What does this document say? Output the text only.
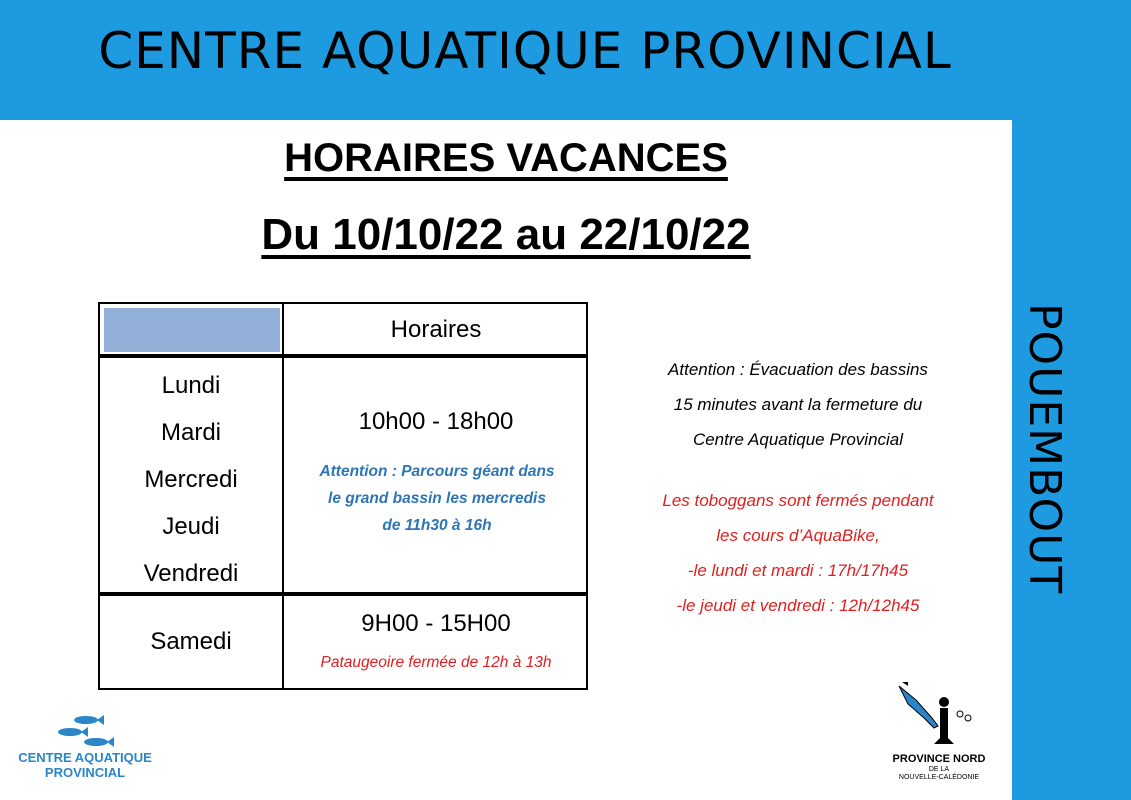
CENTRE AQUATIQUE PROVINCIAL
POUEMBOUT
HORAIRES VACANCES
Du 10/10/22 au 22/10/22
Horaires
Lundi
Mardi
Mercredi
Jeudi
Vendredi
10h00 - 18h00
Attention : Parcours géant dans
le grand bassin les mercredis
de 11h30 à 16h
Samedi
9H00 - 15H00
Pataugeoire fermée de 12h à 13h
Attention : Évacuation des bassins
15 minutes avant la fermeture du
Centre Aquatique Provincial
Les toboggans sont fermés pendant
les cours d’AquaBike,
-le lundi et mardi : 17h/17h45
-le jeudi et vendredi : 12h/12h45
CENTRE AQUATIQUE
PROVINCIAL
PROVINCE NORD
DE LA
NOUVELLE-CALÉDONIE
